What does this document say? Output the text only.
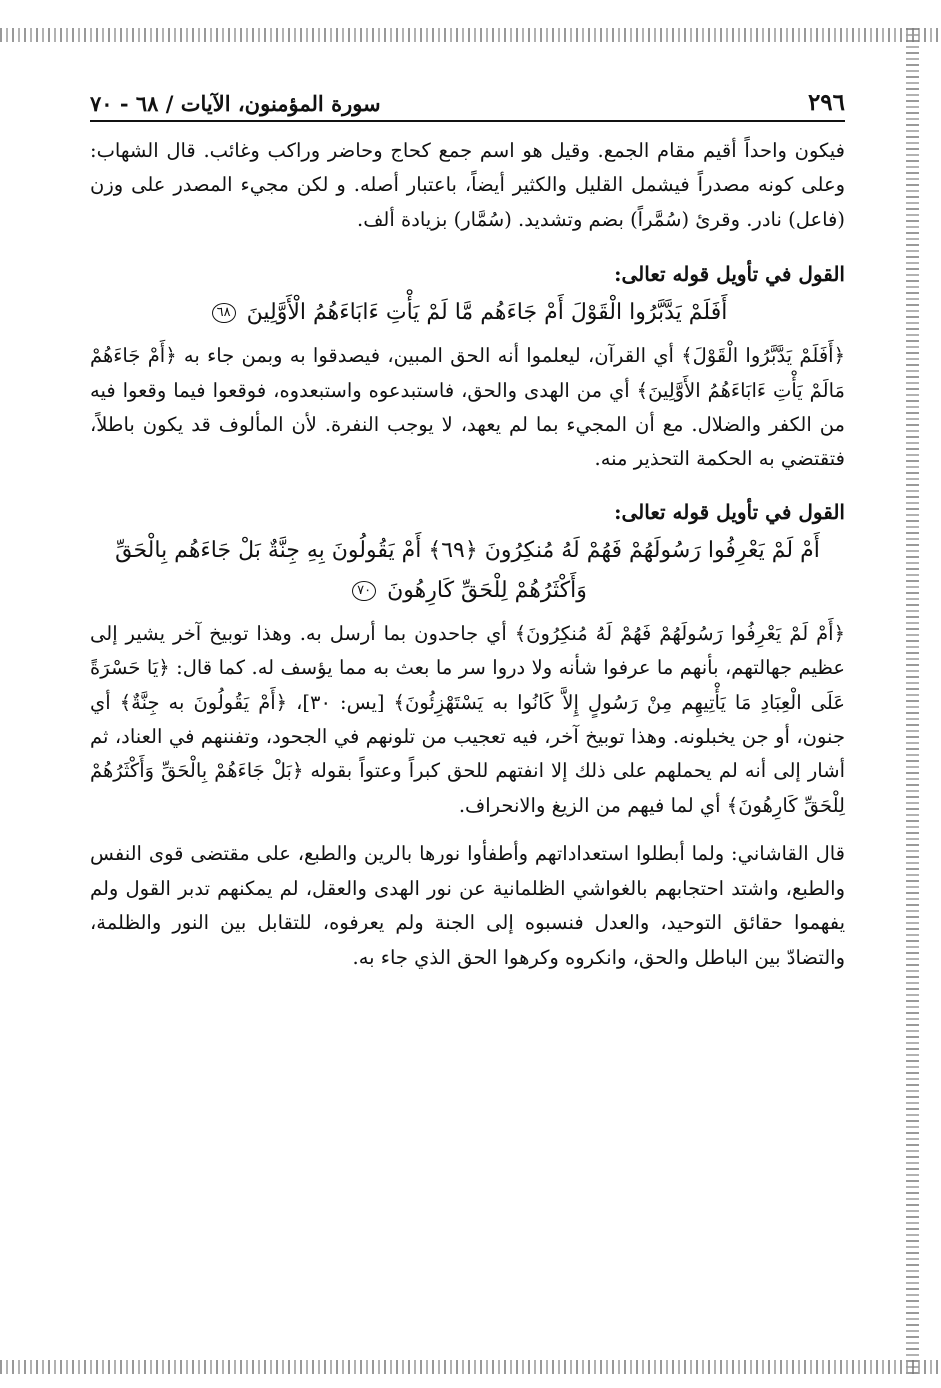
٢٩٦
سورة المؤمنون، الآيات / ٦٨ - ٧٠

فيكون واحداً أقيم مقام الجمع. وقيل هو اسم جمع كحاج وحاضر وراكب وغائب. قال الشهاب: وعلى كونه مصدراً فيشمل القليل والكثير أيضاً، باعتبار أصله. و لكن مجيء المصدر على وزن (فاعل) نادر. وقرئ (سُمَّراً) بضم وتشديد. (سُمَّار) بزيادة ألف.

القول في تأويل قوله تعالى:

أَفَلَمْ يَدَّبَّرُوا الْقَوْلَ أَمْ جَاءَهُم مَّا لَمْ يَأْتِ ءَابَاءَهُمُ الْأَوَّلِينَ ٦٨

﴿أَفَلَمْ يَدَّبَّرُوا الْقَوْلَ﴾ أي القرآن، ليعلموا أنه الحق المبين، فيصدقوا به وبمن جاء به ﴿أَمْ جَاءَهُمْ مَالَمْ يَأْتِ ءَابَاءَهُمُ الأَوَّلِينَ﴾ أي من الهدى والحق، فاستبدعوه واستبعدوه، فوقعوا فيما وقعوا فيه من الكفر والضلال. مع أن المجيء بما لم يعهد، لا يوجب النفرة. لأن المألوف قد يكون باطلاً، فتقتضي به الحكمة التحذير منه.

القول في تأويل قوله تعالى:

أَمْ لَمْ يَعْرِفُوا رَسُولَهُمْ فَهُمْ لَهُ مُنكِرُونَ ﴿٦٩﴾ أَمْ يَقُولُونَ بِهِ جِنَّةٌ بَلْ جَاءَهُم بِالْحَقِّ
وَأَكْثَرُهُمْ لِلْحَقِّ كَارِهُونَ ٧٠

﴿أَمْ لَمْ يَعْرِفُوا رَسُولَهُمْ فَهُمْ لَهُ مُنكِرُونَ﴾ أي جاحدون بما أرسل به. وهذا توبيخ آخر يشير إلى عظيم جهالتهم، بأنهم ما عرفوا شأنه ولا دروا سر ما بعث به مما يؤسف له. كما قال: ﴿يَا حَسْرَةً عَلَى الْعِبَادِ مَا يَأْتِيهِم مِنْ رَسُولٍ إِلاَّ كَانُوا به يَسْتَهْزِئُونَ﴾ [يس: ٣٠]، ﴿أَمْ يَقُولُونَ به جِنَّةٌ﴾ أي جنون، أو جن يخبلونه. وهذا توبيخ آخر، فيه تعجيب من تلونهم في الجحود، وتفننهم في العناد، ثم أشار إلى أنه لم يحملهم على ذلك إلا انفتهم للحق كبراً وعتواً بقوله ﴿بَلْ جَاءَهُمْ بِالْحَقِّ وَأَكْثَرُهُمْ لِلْحَقِّ كَارِهُونَ﴾ أي لما فيهم من الزيغ والانحراف.

قال القاشاني: ولما أبطلوا استعداداتهم وأطفأوا نورها بالرين والطبع، على مقتضى قوى النفس والطبع، واشتد احتجابهم بالغواشي الظلمانية عن نور الهدى والعقل، لم يمكنهم تدبر القول ولم يفهموا حقائق التوحيد، والعدل فنسبوه إلى الجنة ولم يعرفوه، للتقابل بين النور والظلمة، والتضادّ بين الباطل والحق، وانكروه وكرهوا الحق الذي جاء به.
